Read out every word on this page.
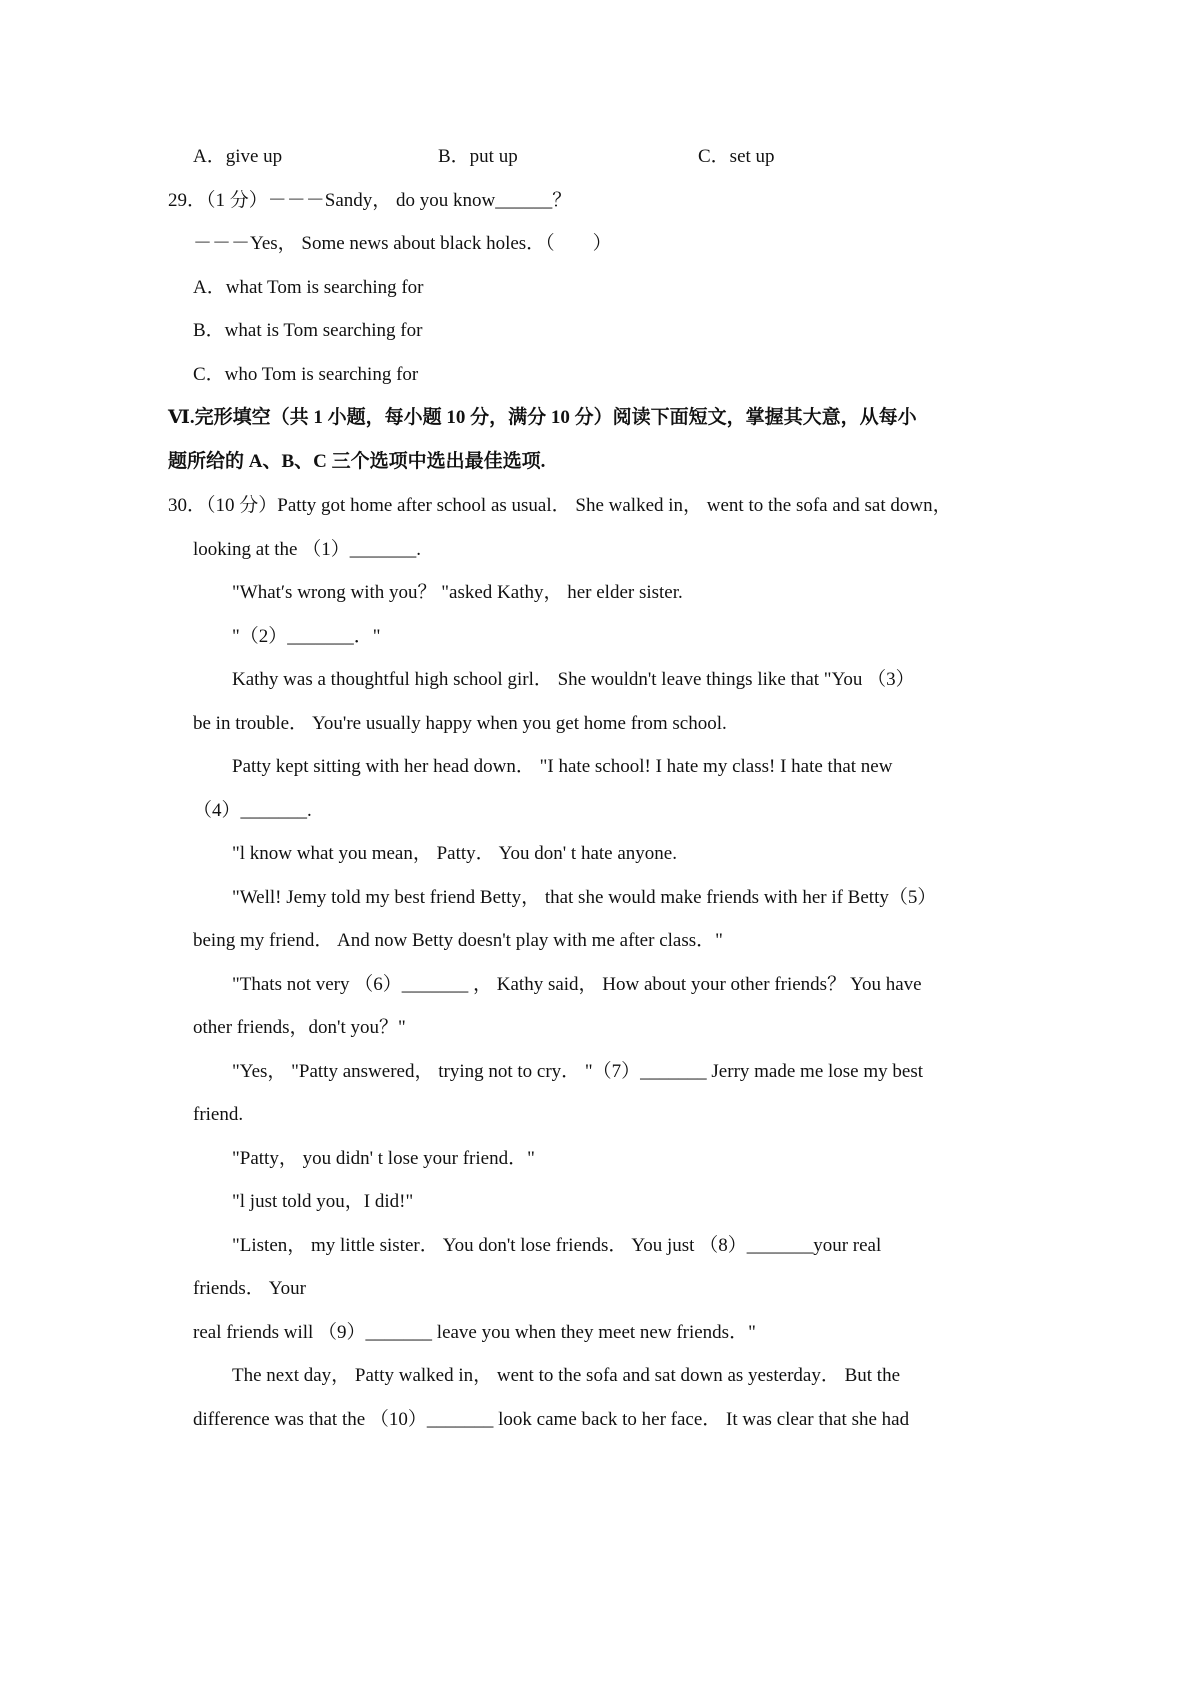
A．give up	B．put up	C．set up
29．（1 分）－－－Sandy， do you know______？
－－－Yes， Some news about black holes．（　　）
A．what Tom is searching for
B．what is Tom searching for
C．who Tom is searching for
Ⅵ.完形填空（共 1 小题，每小题 10 分，满分 10 分）阅读下面短文，掌握其大意，从每小
题所给的 A、B、C 三个选项中选出最佳选项.
30．（10 分）Patty got home after school as usual． She walked in， went to the sofa and sat down，
looking at the （1）_______.
"What′s wrong with you？ "asked Kathy， her elder sister.
"（2）_______．"
Kathy was a thoughtful high school girl． She wouldn't leave things like that "You （3）
be in trouble． You're usually happy when you get home from school.
Patty kept sitting with her head down． "I hate school! I hate my class! I hate that new
（4）_______.
"l know what you mean， Patty． You don' t hate anyone.
"Well! Jemy told my best friend Betty， that she would make friends with her if Betty（5）
being my friend． And now Betty doesn't play with me after class．"
"Thats not very （6）_______ ， Kathy said， How about your other friends？ You have
other friends，don't you？"
"Yes， "Patty answered， trying not to cry． "（7）_______ Jerry made me lose my best
friend.
"Patty， you didn' t lose your friend．"
"l just told you，I did!"
"Listen， my little sister． You don't lose friends． You just （8）_______your real
friends． Your
real friends will （9）_______ leave you when they meet new friends．"
The next day， Patty walked in， went to the sofa and sat down as yesterday． But the
difference was that the （10）_______ look came back to her face． It was clear that she had
